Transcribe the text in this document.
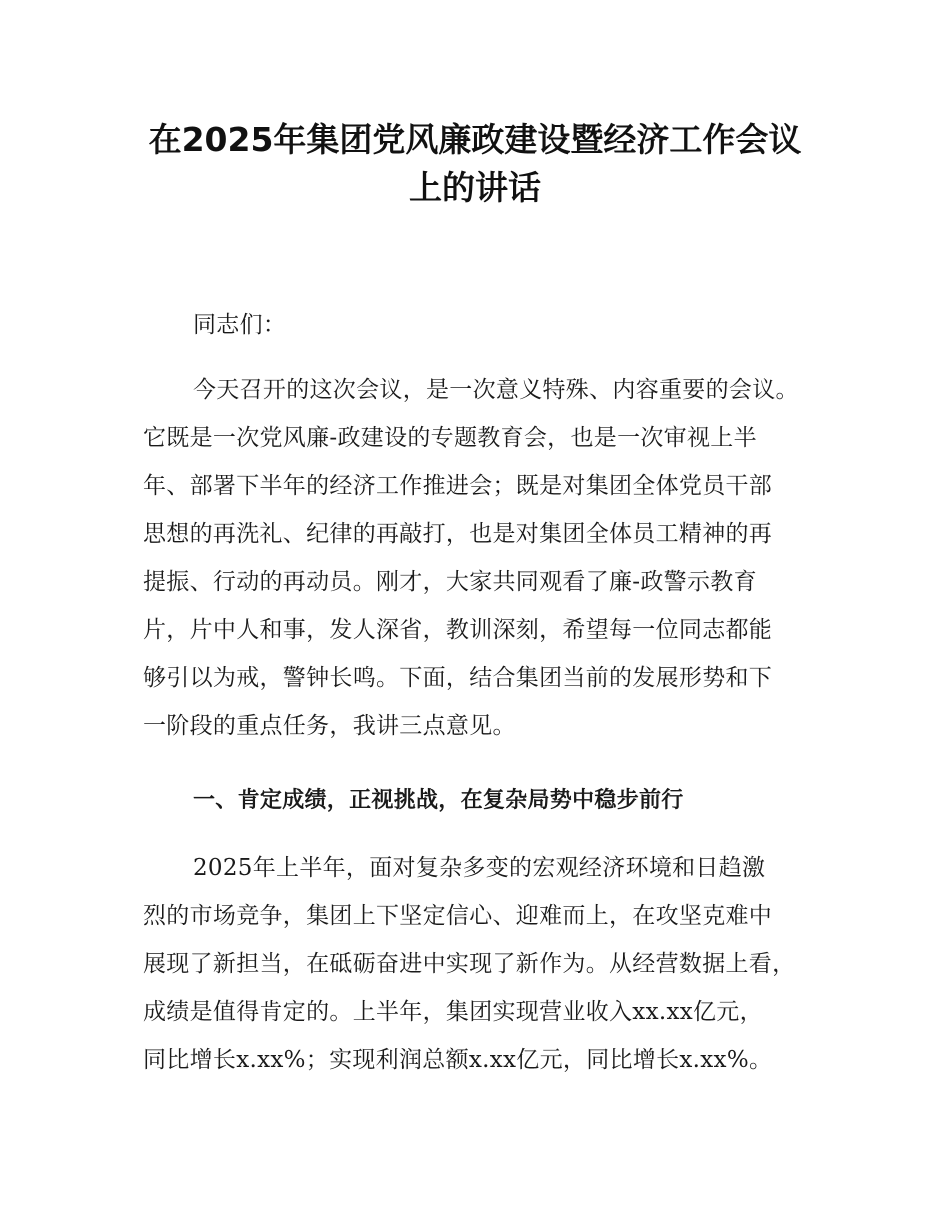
在2025年集团党风廉政建设暨经济工作会议
上的讲话
同志们：
今天召开的这次会议，是一次意义特殊、内容重要的会议。
它既是一次党风廉-政建设的专题教育会，也是一次审视上半
年、部署下半年的经济工作推进会；既是对集团全体党员干部
思想的再洗礼、纪律的再敲打，也是对集团全体员工精神的再
提振、行动的再动员。刚才，大家共同观看了廉-政警示教育
片，片中人和事，发人深省，教训深刻，希望每一位同志都能
够引以为戒，警钟长鸣。下面，结合集团当前的发展形势和下
一阶段的重点任务，我讲三点意见。
一、肯定成绩，正视挑战，在复杂局势中稳步前行
2025年上半年，面对复杂多变的宏观经济环境和日趋激
烈的市场竞争，集团上下坚定信心、迎难而上，在攻坚克难中
展现了新担当，在砥砺奋进中实现了新作为。从经营数据上看，
成绩是值得肯定的。上半年，集团实现营业收入xx.xx亿元，
同比增长x.xx%；实现利润总额x.xx亿元，同比增长x.xx%。
